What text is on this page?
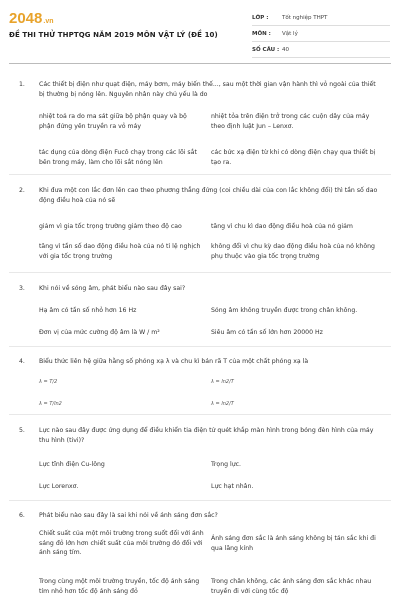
2048.vn
ĐỀ THI THỬ THPTQG NĂM 2019 MÔN VẬT LÝ (ĐỀ 10)
LỚP :	Tốt nghiệp THPT
MÔN :	Vật lý
SỐ CÂU : 40
1. Các thiết bị điện như quạt điện, máy bơm, máy biến thế..., sau một thời gian vận hành thì vỏ ngoài của thiết bị thường bị nóng lên. Nguyên nhân này chủ yếu là do
nhiệt toả ra do ma sát giữa bộ phận quay và bộ phận đứng yên truyền ra vỏ máy
nhiệt tỏa trên điện trở trong các cuộn dây của máy theo định luật Jun – Lenxơ.
tác dụng của dòng điện Fucô chạy trong các lõi sắt bên trong máy, làm cho lõi sắt nóng lên
các bức xạ điện từ khi có dòng điện chạy qua thiết bị tạo ra.
2. Khi đưa một con lắc đơn lên cao theo phương thẳng đứng (coi chiều dài của con lắc không đổi) thì tần số dao động điều hoà của nó sẽ
giảm vì gia tốc trọng trường giảm theo độ cao	tăng vì chu kì dao động điều hoà của nó giảm
tăng vì tần số dao động điều hoà của nó tỉ lệ nghịch với gia tốc trọng trường
không đổi vì chu kỳ dao động điều hoà của nó không phụ thuộc vào gia tốc trọng trường
3. Khi nói về sóng âm, phát biểu nào sau đây sai?
Hạ âm có tần số nhỏ hơn 16 Hz	Sóng âm không truyền được trong chân không.
Đơn vị của mức cường độ âm là W / m²	Siêu âm có tần số lớn hơn 20000 Hz
4. Biểu thức liên hệ giữa hằng số phóng xạ λ và chu kì bán rã T của một chất phóng xạ là
λ = T/2	λ = ln2/T
λ = T/ln2	λ = ln2/T
5. Lực nào sau đây được ứng dụng để điều khiển tia điện tử quét khắp màn hình trong bóng đèn hình của máy thu hình (tivi)?
Lực tĩnh điện Cu-lông	Trọng lực.
Lực Lorenxơ.	Lực hạt nhân.
6. Phát biểu nào sau đây là sai khi nói về ánh sáng đơn sắc?
Chiết suất của một môi trường trong suốt đối với ánh sáng đỏ lớn hơn chiết suất của môi trường đó đối với ánh sáng tím.
Ánh sáng đơn sắc là ánh sáng không bị tán sắc khi đi qua lăng kính
Trong cùng một môi trường truyền, tốc độ ánh sáng tím nhỏ hơn tốc độ ánh sáng đỏ
Trong chân không, các ánh sáng đơn sắc khác nhau truyền đi với cùng tốc độ
